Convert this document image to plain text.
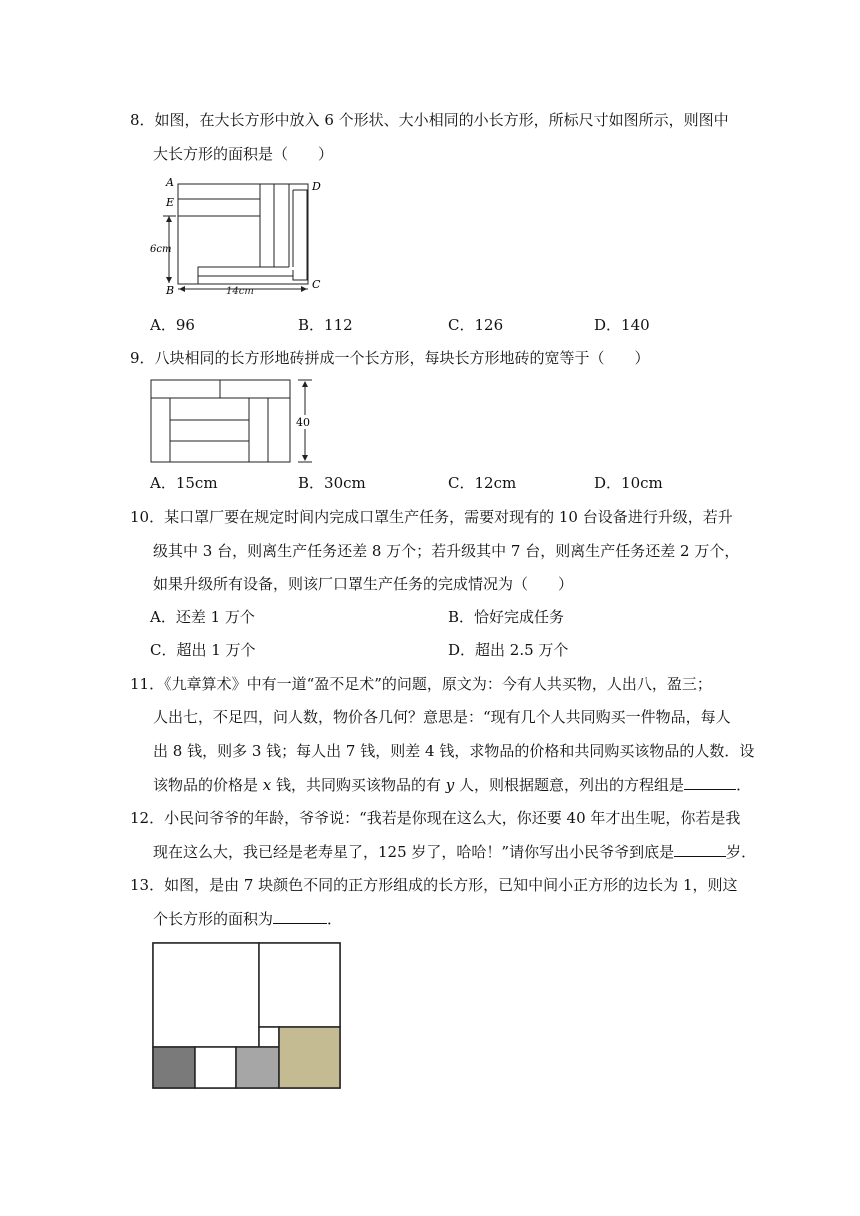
8．如图，在大长方形中放入 6 个形状、大小相同的小长方形，所标尺寸如图所示，则图中
大长方形的面积是（　　）
A	D
E
6cm
B	C
14cm
A．96	B．112	C．126	D．140
9．八块相同的长方形地砖拼成一个长方形，每块长方形地砖的宽等于（　　）
40
A．15cm	B．30cm	C．12cm	D．10cm
10．某口罩厂要在规定时间内完成口罩生产任务，需要对现有的 10 台设备进行升级，若升
级其中 3 台，则离生产任务还差 8 万个；若升级其中 7 台，则离生产任务还差 2 万个，
如果升级所有设备，则该厂口罩生产任务的完成情况为（　　）
A．还差 1 万个	B．恰好完成任务
C．超出 1 万个	D．超出 2.5 万个
11．《九章算术》中有一道“盈不足术”的问题，原文为：今有人共买物，人出八，盈三；
人出七，不足四，问人数，物价各几何？意思是：“现有几个人共同购买一件物品，每人
出 8 钱，则多 3 钱；每人出 7 钱，则差 4 钱，求物品的价格和共同购买该物品的人数．设
该物品的价格是 x 钱，共同购买该物品的有 y 人，则根据题意，列出的方程组是	．
12．小民问爷爷的年龄，爷爷说：“我若是你现在这么大，你还要 40 年才出生呢，你若是我
现在这么大，我已经是老寿星了，125 岁了，哈哈！”请你写出小民爷爷到底是	岁．
13．如图，是由 7 块颜色不同的正方形组成的长方形，已知中间小正方形的边长为 1，则这
个长方形的面积为	．
